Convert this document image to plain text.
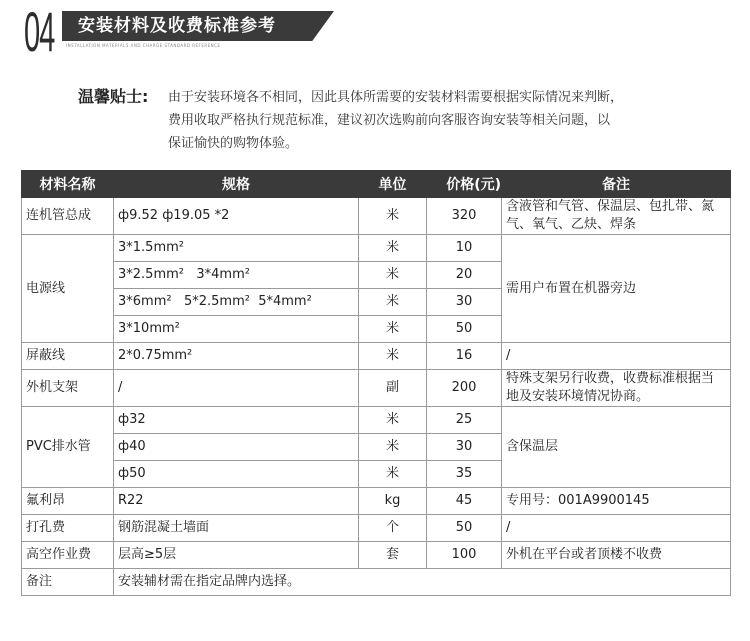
04 安装材料及收费标准参考
INSTALLATION MATERIALS AND CHARGE STANDARD REFERENCE
温馨贴士: 由于安装环境各不相同，因此具体所需要的安装材料需要根据实际情况来判断，
费用收取严格执行规范标准，建议初次选购前向客服咨询安装等相关问题，以
保证愉快的购物体验。
材料名称	规格	单位	价格(元)	备注
连机管总成	ф9.52 ф19.05 *2	米	320	含液管和气管、保温层、包扎带、氮气、氧气、乙炔、焊条
电源线	3*1.5mm²	米	10	需用户布置在机器旁边
	3*2.5mm²   3*4mm²	米	20	
	3*6mm²   5*2.5mm²  5*4mm²	米	30	
	3*10mm²	米	50	
屏蔽线	2*0.75mm²	米	16	/
外机支架	/	副	200	特殊支架另行收费，收费标准根据当地及安装环境情况协商。
PVC排水管	ф32	米	25	含保温层
	ф40	米	30	
	ф50	米	35	
氟利昂	R22	kg	45	专用号：001A9900145
打孔费	钢筋混凝土墙面	个	50	/
高空作业费	层高≥5层	套	100	外机在平台或者顶楼不收费
备注	安装辅材需在指定品牌内选择。			
